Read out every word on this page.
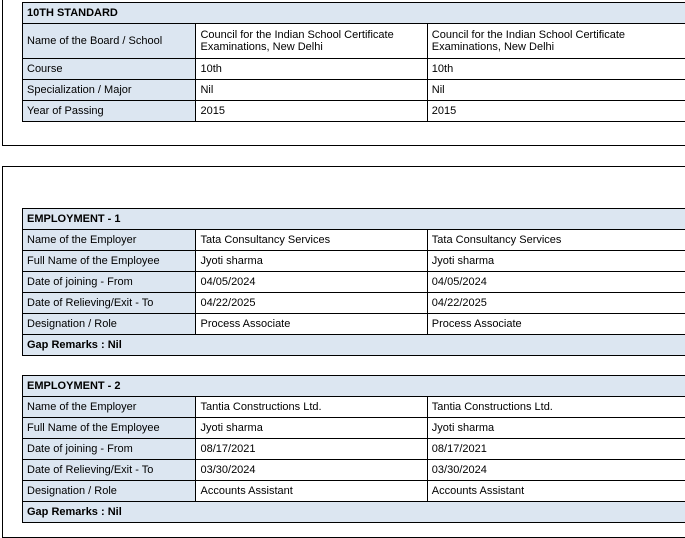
10TH STANDARD		
Name of the Board / School	Council for the Indian School Certificate Examinations, New Delhi	Council for the Indian School Certificate Examinations, New Delhi
Course	10th	10th
Specialization / Major	Nil	Nil
Year of Passing	2015	2015
EMPLOYMENT - 1		
Name of the Employer	Tata Consultancy Services	Tata Consultancy Services
Full Name of the Employee	Jyoti sharma	Jyoti sharma
Date of joining - From	04/05/2024	04/05/2024
Date of Relieving/Exit - To	04/22/2025	04/22/2025
Designation / Role	Process Associate	Process Associate
Gap Remarks : Nil		
EMPLOYMENT - 2		
Name of the Employer	Tantia Constructions Ltd.	Tantia Constructions Ltd.
Full Name of the Employee	Jyoti sharma	Jyoti sharma
Date of joining - From	08/17/2021	08/17/2021
Date of Relieving/Exit - To	03/30/2024	03/30/2024
Designation / Role	Accounts Assistant	Accounts Assistant
Gap Remarks : Nil		
